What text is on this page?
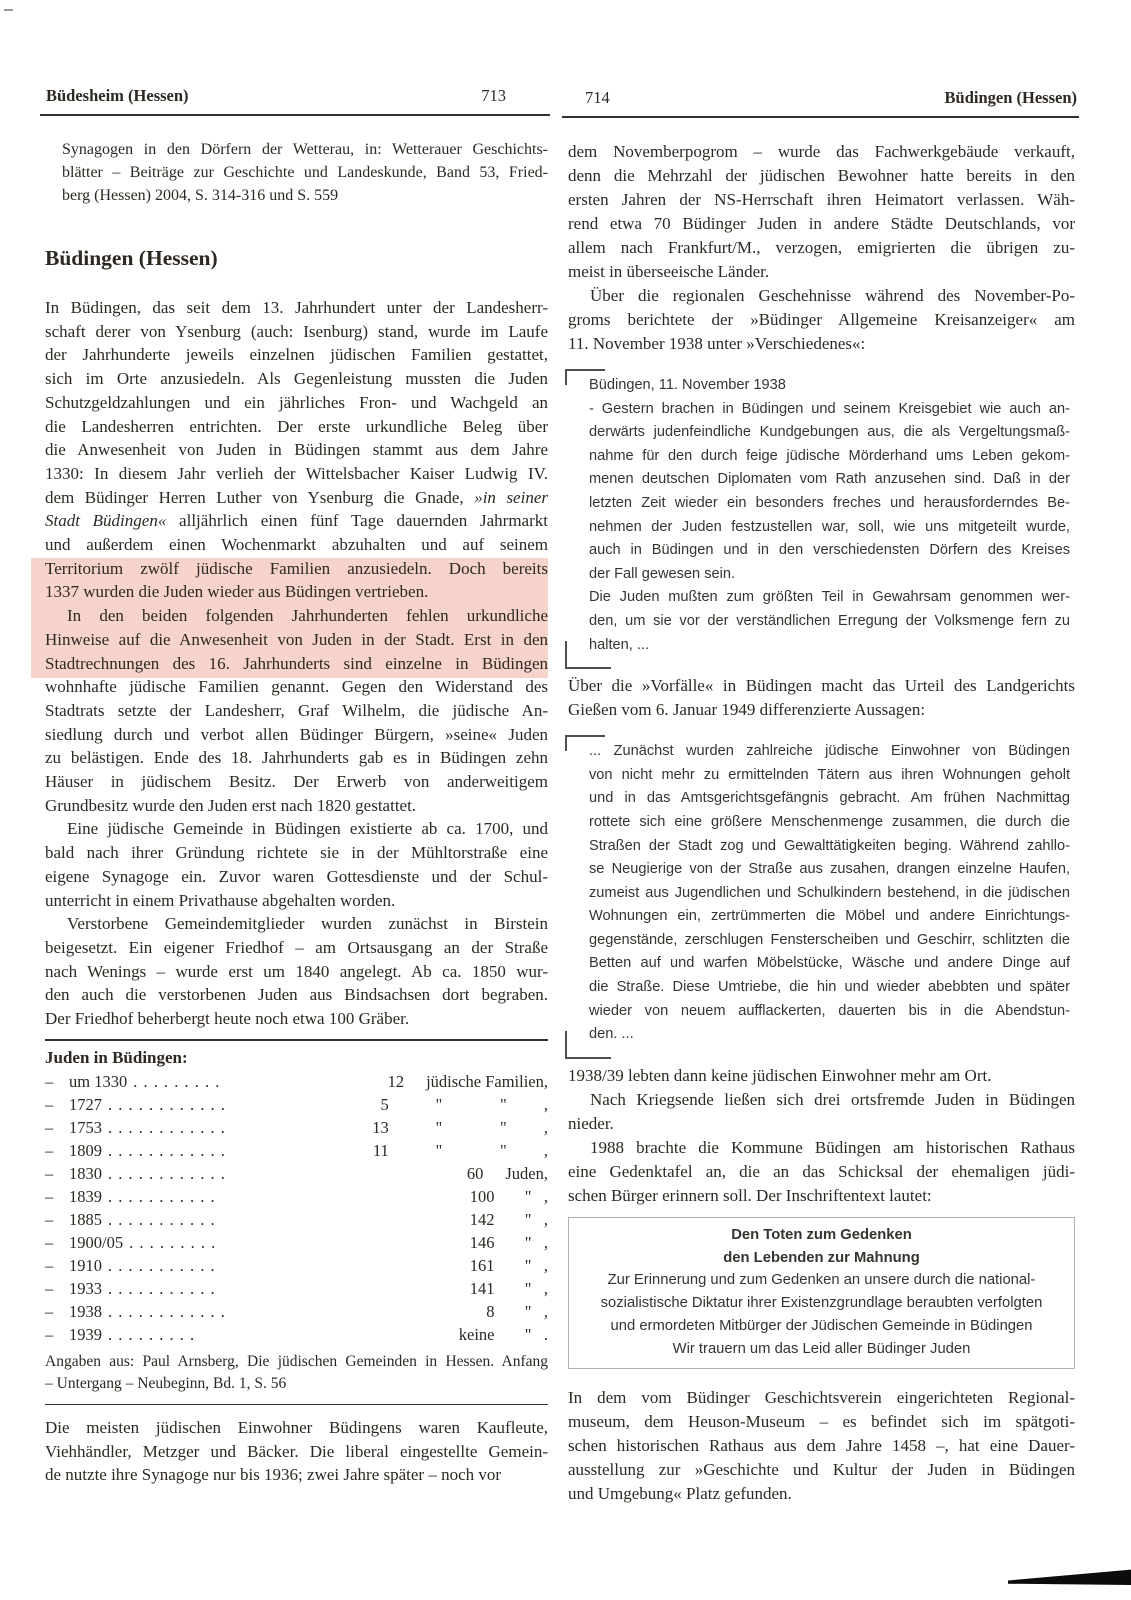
Büdesheim (Hessen)	713	714	Büdingen (Hessen)
Synagogen in den Dörfern der Wetterau, in: Wetterauer Geschichts-
blätter – Beiträge zur Geschichte und Landeskunde, Band 53, Fried-
berg (Hessen) 2004, S. 314-316 und S. 559
Büdingen (Hessen)
In Büdingen, das seit dem 13. Jahrhundert unter der Landesherr-
schaft derer von Ysenburg (auch: Isenburg) stand, wurde im Laufe
der Jahrhunderte jeweils einzelnen jüdischen Familien gestattet,
sich im Orte anzusiedeln. Als Gegenleistung mussten die Juden
Schutzgeldzahlungen und ein jährliches Fron- und Wachgeld an
die Landesherren entrichten. Der erste urkundliche Beleg über
die Anwesenheit von Juden in Büdingen stammt aus dem Jahre
1330: In diesem Jahr verlieh der Wittelsbacher Kaiser Ludwig IV.
dem Büdinger Herren Luther von Ysenburg die Gnade, »in seiner
Stadt Büdingen« alljährlich einen fünf Tage dauernden Jahrmarkt
und außerdem einen Wochenmarkt abzuhalten und auf seinem
Territorium zwölf jüdische Familien anzusiedeln. Doch bereits
1337 wurden die Juden wieder aus Büdingen vertrieben.
In den beiden folgenden Jahrhunderten fehlen urkundliche
Hinweise auf die Anwesenheit von Juden in der Stadt. Erst in den
Stadtrechnungen des 16. Jahrhunderts sind einzelne in Büdingen
wohnhafte jüdische Familien genannt. Gegen den Widerstand des
Stadtrats setzte der Landesherr, Graf Wilhelm, die jüdische An-
siedlung durch und verbot allen Büdinger Bürgern, »seine« Juden
zu belästigen. Ende des 18. Jahrhunderts gab es in Büdingen zehn
Häuser in jüdischem Besitz. Der Erwerb von anderweitigem
Grundbesitz wurde den Juden erst nach 1820 gestattet.
Eine jüdische Gemeinde in Büdingen existierte ab ca. 1700, und
bald nach ihrer Gründung richtete sie in der Mühltorstraße eine
eigene Synagoge ein. Zuvor waren Gottesdienste und der Schul-
unterricht in einem Privathause abgehalten worden.
Verstorbene Gemeindemitglieder wurden zunächst in Birstein
beigesetzt. Ein eigener Friedhof – am Ortsausgang an der Straße
nach Wenings – wurde erst um 1840 angelegt. Ab ca. 1850 wur-
den auch die verstorbenen Juden aus Bindsachsen dort begraben.
Der Friedhof beherbergt heute noch etwa 100 Gräber.
Juden in Büdingen:
– um 1330 . . . . . . . . .	12 jüdische Familien,
– 1727 . . . . . . . . . . . .	5 "              "         ,
– 1753 . . . . . . . . . . . .	13 "              "         ,
– 1809 . . . . . . . . . . . .	11 "              "         ,
– 1830 . . . . . . . . . . . .	60 Juden,
– 1839 . . . . . . . . . . .	100 "   ,
– 1885 . . . . . . . . . . .	142 "   ,
– 1900/05 . . . . . . . . .	146 "   ,
– 1910 . . . . . . . . . . .	161 "   ,
– 1933 . . . . . . . . . . .	141 "   ,
– 1938 . . . . . . . . . . . .	8 "   ,
– 1939 . . . . . . . . .	keine "   .
Angaben aus: Paul Arnsberg, Die jüdischen Gemeinden in Hessen. Anfang
– Untergang – Neubeginn, Bd. 1, S. 56
Die meisten jüdischen Einwohner Büdingens waren Kaufleute,
Viehhändler, Metzger und Bäcker. Die liberal eingestellte Gemein-
de nutzte ihre Synagoge nur bis 1936; zwei Jahre später – noch vor
dem Novemberpogrom – wurde das Fachwerkgebäude verkauft,
denn die Mehrzahl der jüdischen Bewohner hatte bereits in den
ersten Jahren der NS-Herrschaft ihren Heimatort verlassen. Wäh-
rend etwa 70 Büdinger Juden in andere Städte Deutschlands, vor
allem nach Frankfurt/M., verzogen, emigrierten die übrigen zu-
meist in überseeische Länder.
Über die regionalen Geschehnisse während des November-Po-
groms berichtete der »Büdinger Allgemeine Kreisanzeiger« am
11. November 1938 unter »Verschiedenes«:
Büdingen, 11. November 1938
- Gestern brachen in Büdingen und seinem Kreisgebiet wie auch an-
derwärts judenfeindliche Kundgebungen aus, die als Vergeltungsmaß-
nahme für den durch feige jüdische Mörderhand ums Leben gekom-
menen deutschen Diplomaten vom Rath anzusehen sind. Daß in der
letzten Zeit wieder ein besonders freches und herausforderndes Be-
nehmen der Juden festzustellen war, soll, wie uns mitgeteilt wurde,
auch in Büdingen und in den verschiedensten Dörfern des Kreises
der Fall gewesen sein.
Die Juden mußten zum größten Teil in Gewahrsam genommen wer-
den, um sie vor der verständlichen Erregung der Volksmenge fern zu
halten, ...
Über die »Vorfälle« in Büdingen macht das Urteil des Landgerichts
Gießen vom 6. Januar 1949 differenzierte Aussagen:
... Zunächst wurden zahlreiche jüdische Einwohner von Büdingen
von nicht mehr zu ermittelnden Tätern aus ihren Wohnungen geholt
und in das Amtsgerichtsgefängnis gebracht. Am frühen Nachmittag
rottete sich eine größere Menschenmenge zusammen, die durch die
Straßen der Stadt zog und Gewalttätigkeiten beging. Während zahllo-
se Neugierige von der Straße aus zusahen, drangen einzelne Haufen,
zumeist aus Jugendlichen und Schulkindern bestehend, in die jüdischen
Wohnungen ein, zertrümmerten die Möbel und andere Einrichtungs-
gegenstände, zerschlugen Fensterscheiben und Geschirr, schlitzten die
Betten auf und warfen Möbelstücke, Wäsche und andere Dinge auf
die Straße. Diese Umtriebe, die hin und wieder abebbten und später
wieder von neuem aufflackerten, dauerten bis in die Abendstun-
den. ...
1938/39 lebten dann keine jüdischen Einwohner mehr am Ort.
Nach Kriegsende ließen sich drei ortsfremde Juden in Büdingen
nieder.
1988 brachte die Kommune Büdingen am historischen Rathaus
eine Gedenktafel an, die an das Schicksal der ehemaligen jüdi-
schen Bürger erinnern soll. Der Inschriftentext lautet:
Den Toten zum Gedenken
den Lebenden zur Mahnung
Zur Erinnerung und zum Gedenken an unsere durch die national-
sozialistische Diktatur ihrer Existenzgrundlage beraubten verfolgten
und ermordeten Mitbürger der Jüdischen Gemeinde in Büdingen
Wir trauern um das Leid aller Büdinger Juden
In dem vom Büdinger Geschichtsverein eingerichteten Regional-
museum, dem Heuson-Museum – es befindet sich im spätgoti-
schen historischen Rathaus aus dem Jahre 1458 –, hat eine Dauer-
ausstellung zur »Geschichte und Kultur der Juden in Büdingen
und Umgebung« Platz gefunden.
